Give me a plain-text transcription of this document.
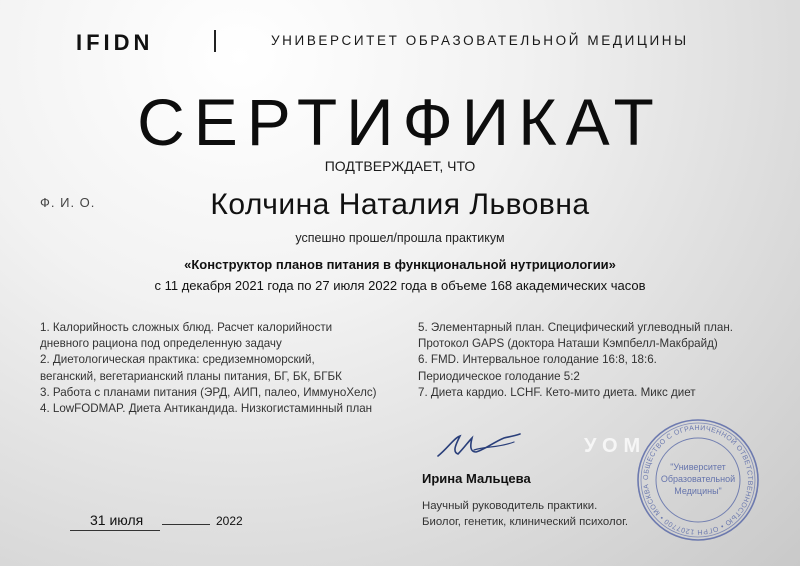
IFIDN	УНИВЕРСИТЕТ ОБРАЗОВАТЕЛЬНОЙ МЕДИЦИНЫ
СЕРТИФИКАТ
ПОДТВЕРЖДАЕТ, ЧТО
Ф. И. О.	Колчина Наталия Львовна
успешно прошел/прошла практикум
«Конструктор планов питания в функциональной нутрициологии»
с 11 декабря 2021 года по 27 июля 2022 года в объеме 168 академических часов
1. Калорийность сложных блюд. Расчет калорийности
дневного рациона под определенную задачу
2. Диетологическая практика: средиземноморский,
веганский, вегетарианский планы питания, БГ, БК, БГБК
3. Работа с планами питания (ЭРД, АИП, палео, ИммуноХелс)
4. LowFODMAP. Диета Антикандида. Низкогистаминный план
5. Элементарный план. Специфический углеводный план.
Протокол GAPS (доктора Наташи Кэмпбелл-Макбрайд)
6. FMD. Интервальное голодание 16:8, 18:6.
Периодическое голодание 5:2
7. Диета кардио. LCHF. Кето-мито диета. Микс диет
УОМ
Ирина Мальцева
Научный руководитель практики.
Биолог, генетик, клинический психолог.
31 июля	2022
ОБЩЕСТВО С ОГРАНИЧЕННОЙ ОТВЕТСТВЕННОСТЬЮ • ОГРН 1207700 • МОСКВА
"Университет
Образовательной
Медицины"
